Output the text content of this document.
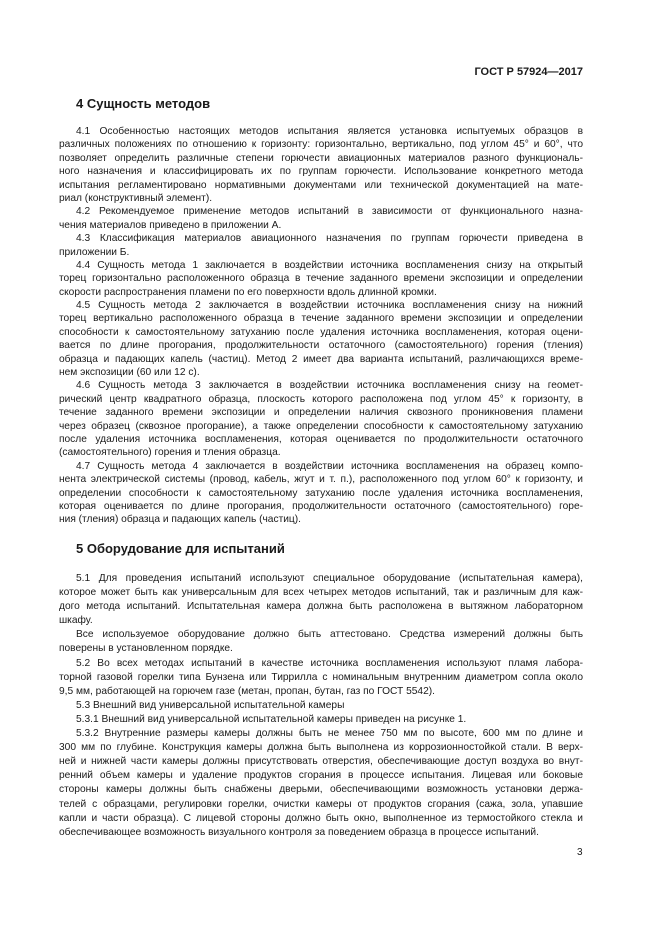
ГОСТ Р 57924—2017
4 Сущность методов
4.1 Особенностью настоящих методов испытания является установка испытуемых образцов в
различных положениях по отношению к горизонту: горизонтально, вертикально, под углом 45° и 60°, что
позволяет определить различные степени горючести авиационных материалов разного функциональ-
ного назначения и классифицировать их по группам горючести. Использование конкретного метода
испытания регламентировано нормативными документами или технической документацией на мате-
риал (конструктивный элемент).
4.2 Рекомендуемое применение методов испытаний в зависимости от функционального назна-
чения материалов приведено в приложении А.
4.3 Классификация материалов авиационного назначения по группам горючести приведена в
приложении Б.
4.4 Сущность метода 1 заключается в воздействии источника воспламенения снизу на открытый
торец горизонтально расположенного образца в течение заданного времени экспозиции и определении
скорости распространения пламени по его поверхности вдоль длинной кромки.
4.5 Сущность метода 2 заключается в воздействии источника воспламенения снизу на нижний
торец вертикально расположенного образца в течение заданного времени экспозиции и определении
способности к самостоятельному затуханию после удаления источника воспламенения, которая оцени-
вается по длине прогорания, продолжительности остаточного (самостоятельного) горения (тления)
образца и падающих капель (частиц). Метод 2 имеет два варианта испытаний, различающихся време-
нем экспозиции (60 или 12 с).
4.6 Сущность метода 3 заключается в воздействии источника воспламенения снизу на геомет-
рический центр квадратного образца, плоскость которого расположена под углом 45° к горизонту, в
течение заданного времени экспозиции и определении наличия сквозного проникновения пламени
через образец (сквозное прогорание), а также определении способности к самостоятельному затуханию
после удаления источника воспламенения, которая оценивается по продолжительности остаточного
(самостоятельного) горения и тления образца.
4.7 Сущность метода 4 заключается в воздействии источника воспламенения на образец компо-
нента электрической системы (провод, кабель, жгут и т. п.), расположенного под углом 60° к горизонту, и
определении способности к самостоятельному затуханию после удаления источника воспламенения,
которая оценивается по длине прогорания, продолжительности остаточного (самостоятельного) горе-
ния (тления) образца и падающих капель (частиц).
5 Оборудование для испытаний
5.1 Для проведения испытаний используют специальное оборудование (испытательная камера),
которое может быть как универсальным для всех четырех методов испытаний, так и различным для каж-
дого метода испытаний. Испытательная камера должна быть расположена в вытяжном лабораторном
шкафу.
Все используемое оборудование должно быть аттестовано. Средства измерений должны быть
поверены в установленном порядке.
5.2 Во всех методах испытаний в качестве источника воспламенения используют пламя лабора-
торной газовой горелки типа Бунзена или Тиррилла с номинальным внутренним диаметром сопла около
9,5 мм, работающей на горючем газе (метан, пропан, бутан, газ по ГОСТ 5542).
5.3 Внешний вид универсальной испытательной камеры
5.3.1 Внешний вид универсальной испытательной камеры приведен на рисунке 1.
5.3.2 Внутренние размеры камеры должны быть не менее 750 мм по высоте, 600 мм по длине и
300 мм по глубине. Конструкция камеры должна быть выполнена из коррозионностойкой стали. В верх-
ней и нижней части камеры должны присутствовать отверстия, обеспечивающие доступ воздуха во внут-
ренний объем камеры и удаление продуктов сгорания в процессе испытания. Лицевая или боковые
стороны камеры должны быть снабжены дверьми, обеспечивающими возможность установки держа-
телей с образцами, регулировки горелки, очистки камеры от продуктов сгорания (сажа, зола, упавшие
капли и части образца). С лицевой стороны должно быть окно, выполненное из термостойкого стекла и
обеспечивающее возможность визуального контроля за поведением образца в процессе испытаний.
3
